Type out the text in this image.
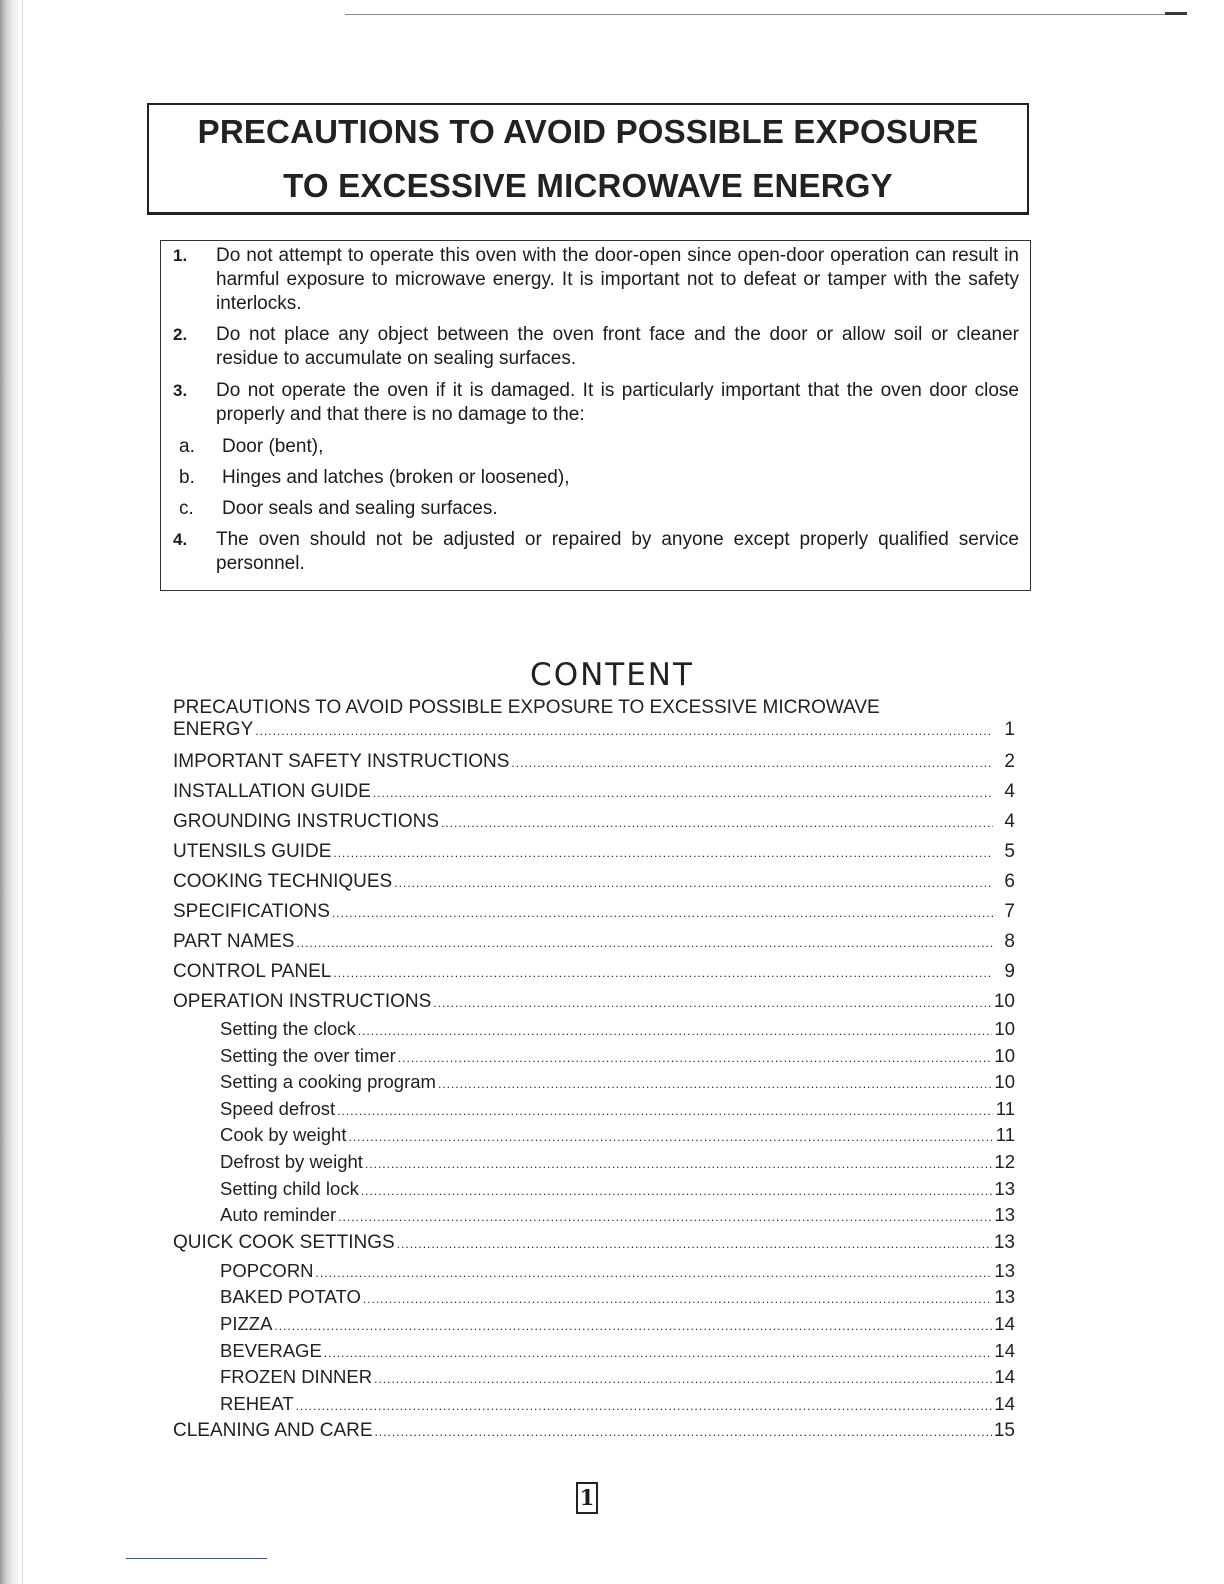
PRECAUTIONS TO AVOID POSSIBLE EXPOSURE
TO EXCESSIVE MICROWAVE ENERGY
1. Do not attempt to operate this oven with the door-open since open-door operation can result in harmful exposure to microwave energy. It is important not to defeat or tamper with the safety interlocks.
2. Do not place any object between the oven front face and the door or allow soil or cleaner residue to accumulate on sealing surfaces.
3. Do not operate the oven if it is damaged. It is particularly important that the oven door close properly and that there is no damage to the:
a. Door (bent),
b. Hinges and latches (broken or loosened),
c. Door seals and sealing surfaces.
4. The oven should not be adjusted or repaired by anyone except properly qualified service personnel.
CONTENT
PRECAUTIONS TO AVOID POSSIBLE EXPOSURE TO EXCESSIVE MICROWAVE
ENERGY .....	1
IMPORTANT SAFETY INSTRUCTIONS .....	2
INSTALLATION GUIDE .....	4
GROUNDING INSTRUCTIONS .....	4
UTENSILS GUIDE .....	5
COOKING TECHNIQUES .....	6
SPECIFICATIONS .....	7
PART NAMES .....	8
CONTROL PANEL .....	9
OPERATION INSTRUCTIONS .....	10
Setting the clock .....	10
Setting the over timer .....	10
Setting a cooking program .....	10
Speed defrost .....	11
Cook by weight .....	11
Defrost by weight .....	12
Setting child lock .....	13
Auto reminder .....	13
QUICK COOK SETTINGS .....	13
POPCORN .....	13
BAKED POTATO .....	13
PIZZA .....	14
BEVERAGE .....	14
FROZEN DINNER .....	14
REHEAT .....	14
CLEANING AND CARE .....	15
1
